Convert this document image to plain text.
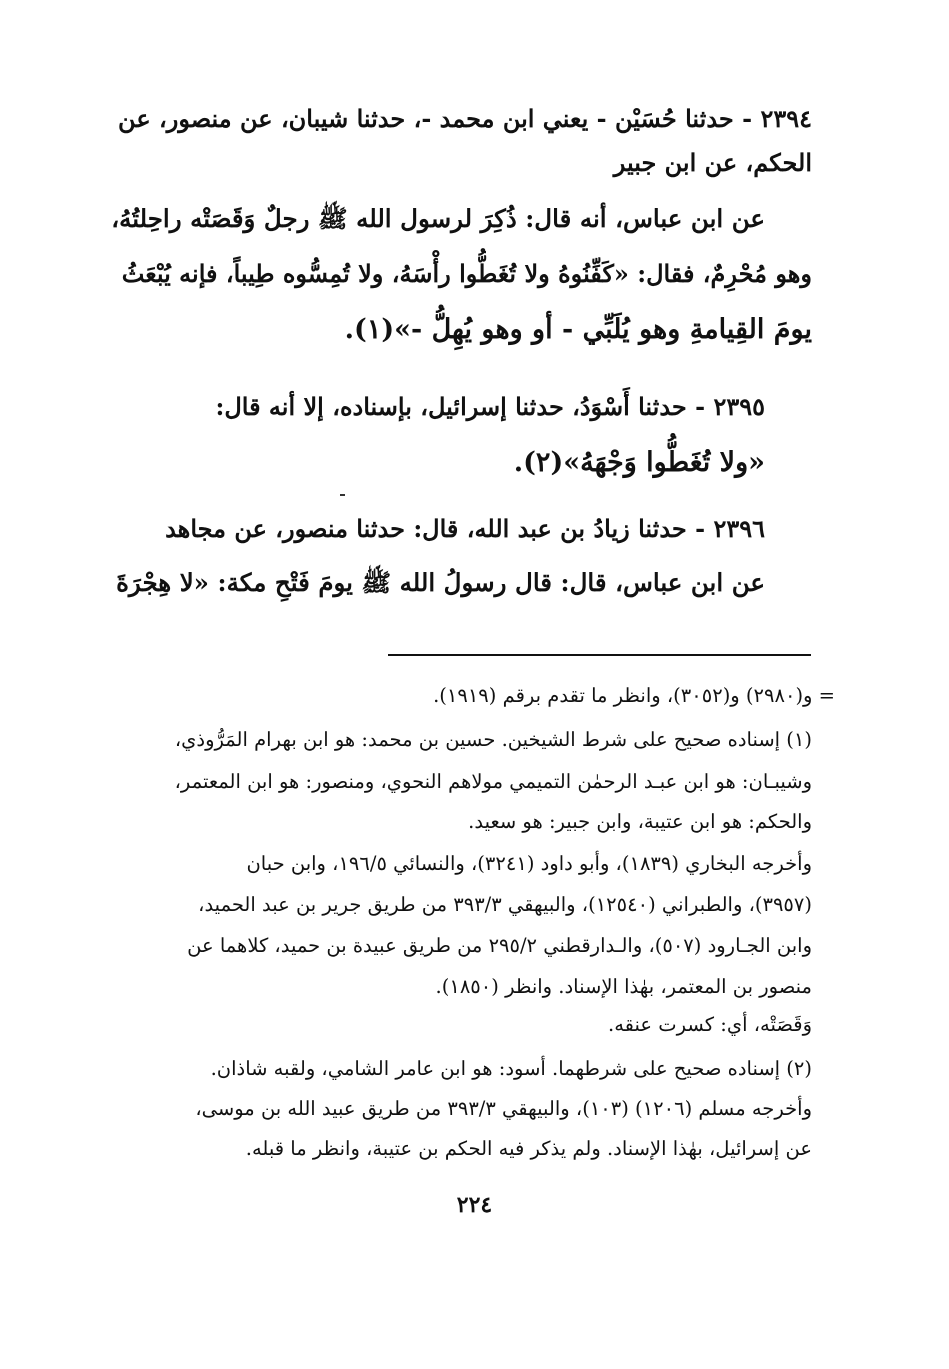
٢٣٩٤ - حدثنا حُسَيْن - يعني ابن محمد -، حدثنا شيبان، عن منصور، عن
الحكم، عن ابن جبير
عن ابن عباس، أنه قال: ذُكِرَ لرسول الله ﷺ رجلٌ وَقَصَتْه راحِلتُهُ،
وهو مُحْرِمٌ، فقال: «كَفِّنُوهُ ولا تُغَطُّوا رأْسَهُ، ولا تُمِسُّوه طِيباً، فإنه يُبْعَثُ
يومَ القِيامةِ وهو يُلَبِّي - أو وهو يُهِلُّ -»(١).
٢٣٩٥ - حدثنا أَسْوَدُ، حدثنا إسرائيل، بإسناده، إلا أنه قال:
«ولا تُغَطُّوا وَجْهَهُ»(٢).
٢٣٩٦ - حدثنا زيادُ بن عبد الله، قال: حدثنا منصور، عن مجاهد
عن ابن عباس، قال: قال رسولُ الله ﷺ يومَ فَتْحِ مكة: «لا هِجْرَةَ
= و(٢٩٨٠) و(٣٠٥٢)، وانظر ما تقدم برقم (١٩١٩).
(١) إسناده صحيح على شرط الشيخين. حسين بن محمد: هو ابن بهرام المَرُّوذي،
وشيبـان: هو ابن عبـد الرحمٰن التميمي مولاهم النحوي، ومنصور: هو ابن المعتمر،
والحكم: هو ابن عتيبة، وابن جبير: هو سعيد.
وأخرجه البخاري (١٨٣٩)، وأبو داود (٣٢٤١)، والنسائي ١٩٦/٥، وابن حبان
(٣٩٥٧)، والطبراني (١٢٥٤٠)، والبيهقي ٣٩٣/٣ من طريق جرير بن عبد الحميد،
وابن الجـارود (٥٠٧)، والـدارقطني ٢٩٥/٢ من طريق عبيدة بن حميد، كلاهما عن
منصور بن المعتمر، بهٰذا الإسناد. وانظر (١٨٥٠).
وَقَصَتْه، أي: كسرت عنقه.
(٢) إسناده صحيح على شرطهما. أسود: هو ابن عامر الشامي، ولقبه شاذان.
وأخرجه مسلم (١٢٠٦) (١٠٣)، والبيهقي ٣٩٣/٣ من طريق عبيد الله بن موسى،
عن إسرائيل، بهٰذا الإسناد. ولم يذكر فيه الحكم بن عتيبة، وانظر ما قبله.
٢٢٤
